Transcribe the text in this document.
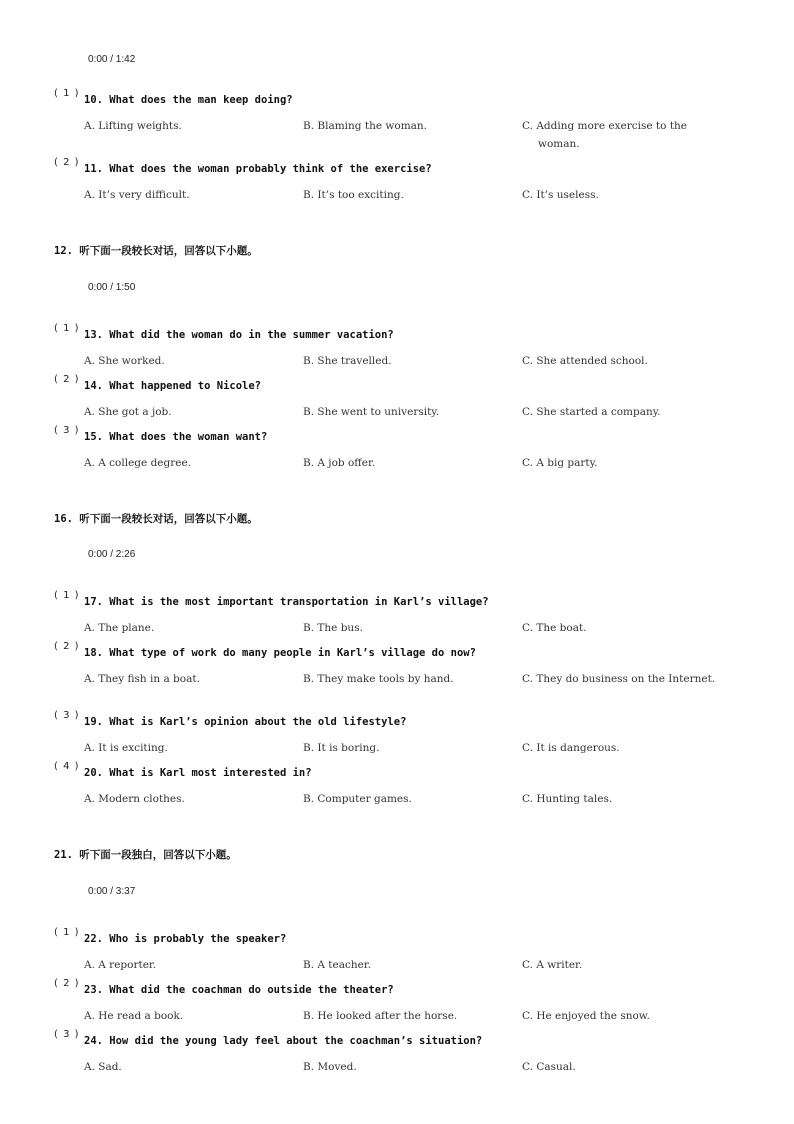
0:00 / 1:42
( 1 )
10. What does the man keep doing?
A. Lifting weights.	B. Blaming the woman.	C. Adding more exercise to the woman.
( 2 )
11. What does the woman probably think of the exercise?
A. It’s very difficult.	B. It’s too exciting.	C. It’s useless.
12. 听下面一段较长对话，回答以下小题。
0:00 / 1:50
( 1 )
13. What did the woman do in the summer vacation?
A. She worked.	B. She travelled.	C. She attended school.
( 2 )
14. What happened to Nicole?
A. She got a job.	B. She went to university.	C. She started a company.
( 3 )
15. What does the woman want?
A. A college degree.	B. A job offer.	C. A big party.
16. 听下面一段较长对话，回答以下小题。
0:00 / 2:26
( 1 )
17. What is the most important transportation in Karl’s village?
A. The plane.	B. The bus.	C. The boat.
( 2 )
18. What type of work do many people in Karl’s village do now?
A. They fish in a boat.	B. They make tools by hand.	C. They do business on the Internet.
( 3 )
19. What is Karl’s opinion about the old lifestyle?
A. It is exciting.	B. It is boring.	C. It is dangerous.
( 4 )
20. What is Karl most interested in?
A. Modern clothes.	B. Computer games.	C. Hunting tales.
21. 听下面一段独白，回答以下小题。
0:00 / 3:37
( 1 )
22. Who is probably the speaker?
A. A reporter.	B. A teacher.	C. A writer.
( 2 )
23. What did the coachman do outside the theater?
A. He read a book.	B. He looked after the horse.	C. He enjoyed the snow.
( 3 )
24. How did the young lady feel about the coachman’s situation?
A. Sad.	B. Moved.	C. Casual.
